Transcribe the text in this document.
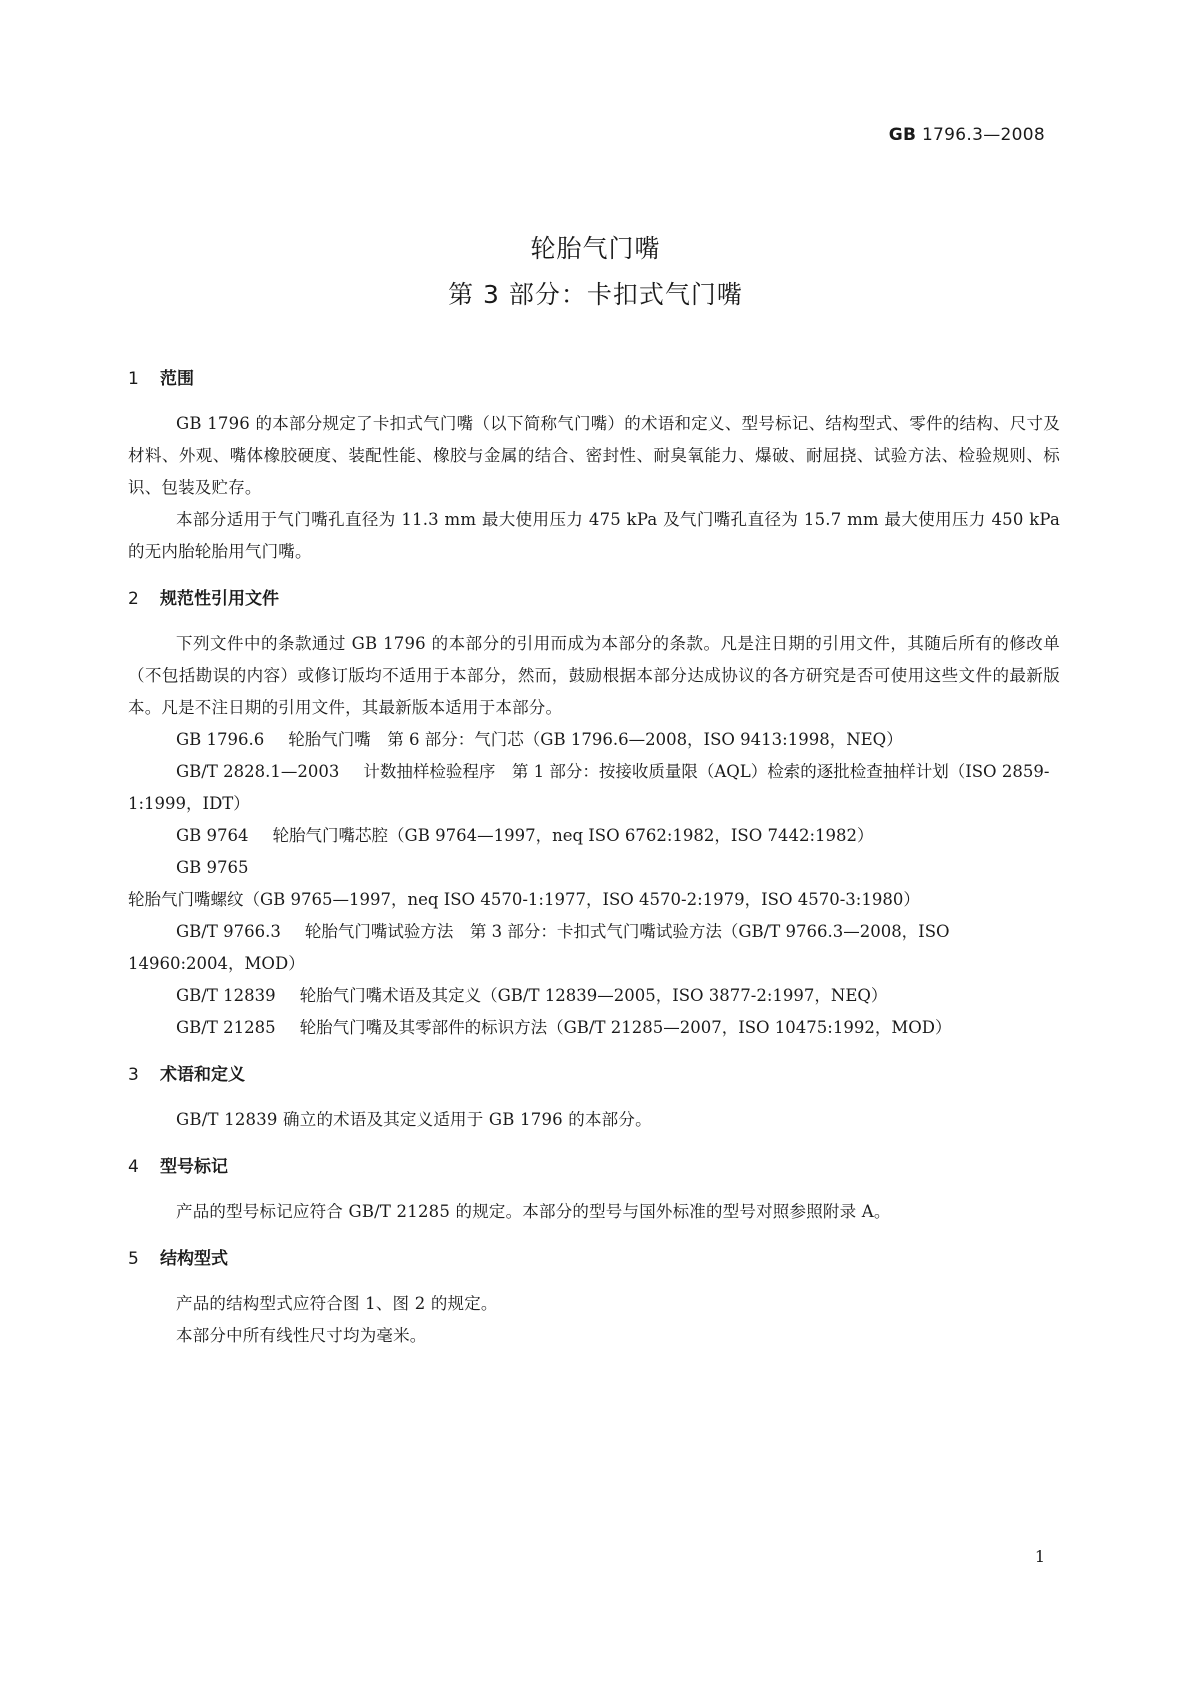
GB 1796.3—2008
轮胎气门嘴
第 3 部分：卡扣式气门嘴
1	范围

GB 1796 的本部分规定了卡扣式气门嘴（以下简称气门嘴）的术语和定义、型号标记、结构型式、零件的结构、尺寸及材料、外观、嘴体橡胶硬度、装配性能、橡胶与金属的结合、密封性、耐臭氧能力、爆破、耐屈挠、试验方法、检验规则、标识、包装及贮存。

本部分适用于气门嘴孔直径为 11.3 mm 最大使用压力 475 kPa 及气门嘴孔直径为 15.7 mm 最大使用压力 450 kPa 的无内胎轮胎用气门嘴。

2	规范性引用文件

下列文件中的条款通过 GB 1796 的本部分的引用而成为本部分的条款。凡是注日期的引用文件，其随后所有的修改单（不包括勘误的内容）或修订版均不适用于本部分，然而，鼓励根据本部分达成协议的各方研究是否可使用这些文件的最新版本。凡是不注日期的引用文件，其最新版本适用于本部分。

GB 1796.6 轮胎气门嘴　第 6 部分：气门芯（GB 1796.6—2008，ISO 9413:1998，NEQ）

GB/T 2828.1—2003 计数抽样检验程序　第 1 部分：按接收质量限（AQL）检索的逐批检查抽样计划（ISO 2859-1:1999，IDT）

GB 9764 轮胎气门嘴芯腔（GB 9764—1997，neq ISO 6762:1982，ISO 7442:1982）

GB 9765轮胎气门嘴螺纹（GB 9765—1997，neq ISO 4570-1:1977，ISO 4570-2:1979，ISO 4570-3:1980）

GB/T 9766.3 轮胎气门嘴试验方法　第 3 部分：卡扣式气门嘴试验方法（GB/T 9766.3—2008，ISO 14960:2004，MOD）

GB/T 12839 轮胎气门嘴术语及其定义（GB/T 12839—2005，ISO 3877-2:1997，NEQ）

GB/T 21285 轮胎气门嘴及其零部件的标识方法（GB/T 21285—2007，ISO 10475:1992，MOD）

3	术语和定义

GB/T 12839 确立的术语及其定义适用于 GB 1796 的本部分。

4	型号标记

产品的型号标记应符合 GB/T 21285 的规定。本部分的型号与国外标准的型号对照参照附录 A。

5	结构型式

产品的结构型式应符合图 1、图 2 的规定。

本部分中所有线性尺寸均为毫米。

1
